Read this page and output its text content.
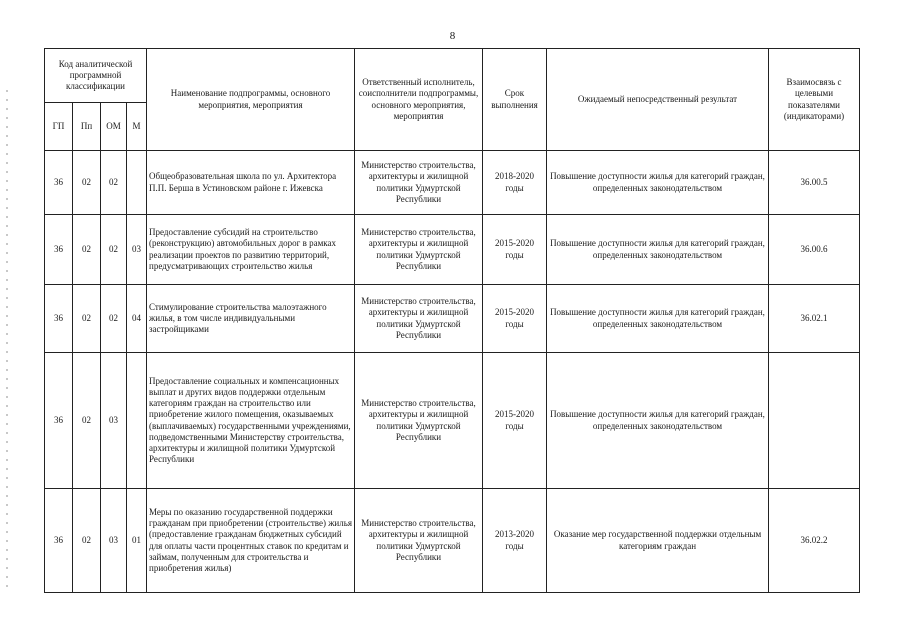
8
Код аналитической программной классификации				Наименование подпрограммы, основного мероприятия, мероприятия	Ответственный исполнитель, соисполнители подпрограммы, основного мероприятия, мероприятия	Срок выполнения	Ожидаемый непосредственный результат	Взаимосвязь с целевыми показателями (индикаторами)
ГП	Пп	ОМ	М					
36	02	02		Общеобразовательная школа по ул. Архитектора П.П. Берша в Устиновском районе г. Ижевска	Министерство строительства, архитектуры и жилищной политики Удмуртской Республики	2018-2020 годы	Повышение доступности жилья для категорий граждан, определенных законодательством	36.00.5
36	02	02	03	Предоставление субсидий на строительство (реконструкцию) автомобильных дорог в рамках реализации проектов по развитию территорий, предусматривающих строительство жилья	Министерство строительства, архитектуры и жилищной политики Удмуртской Республики	2015-2020 годы	Повышение доступности жилья для категорий граждан, определенных законодательством	36.00.6
36	02	02	04	Стимулирование строительства малоэтажного жилья, в том числе индивидуальными застройщиками	Министерство строительства, архитектуры и жилищной политики Удмуртской Республики	2015-2020 годы	Повышение доступности жилья для категорий граждан, определенных законодательством	36.02.1
36	02	03		Предоставление социальных и компенсационных выплат и других видов поддержки отдельным категориям граждан на строительство или приобретение жилого помещения, оказываемых (выплачиваемых) государственными учреждениями, подведомственными Министерству строительства, архитектуры и жилищной политики Удмуртской Республики	Министерство строительства, архитектуры и жилищной политики Удмуртской Республики	2015-2020 годы	Повышение доступности жилья для категорий граждан, определенных законодательством	
36	02	03	01	Меры по оказанию государственной поддержки гражданам при приобретении (строительстве) жилья (предоставление гражданам бюджетных субсидий для оплаты части процентных ставок по кредитам и займам, полученным для строительства и приобретения жилья)	Министерство строительства, архитектуры и жилищной политики Удмуртской Республики	2013-2020 годы	Оказание мер государственной поддержки отдельным категориям граждан	36.02.2
